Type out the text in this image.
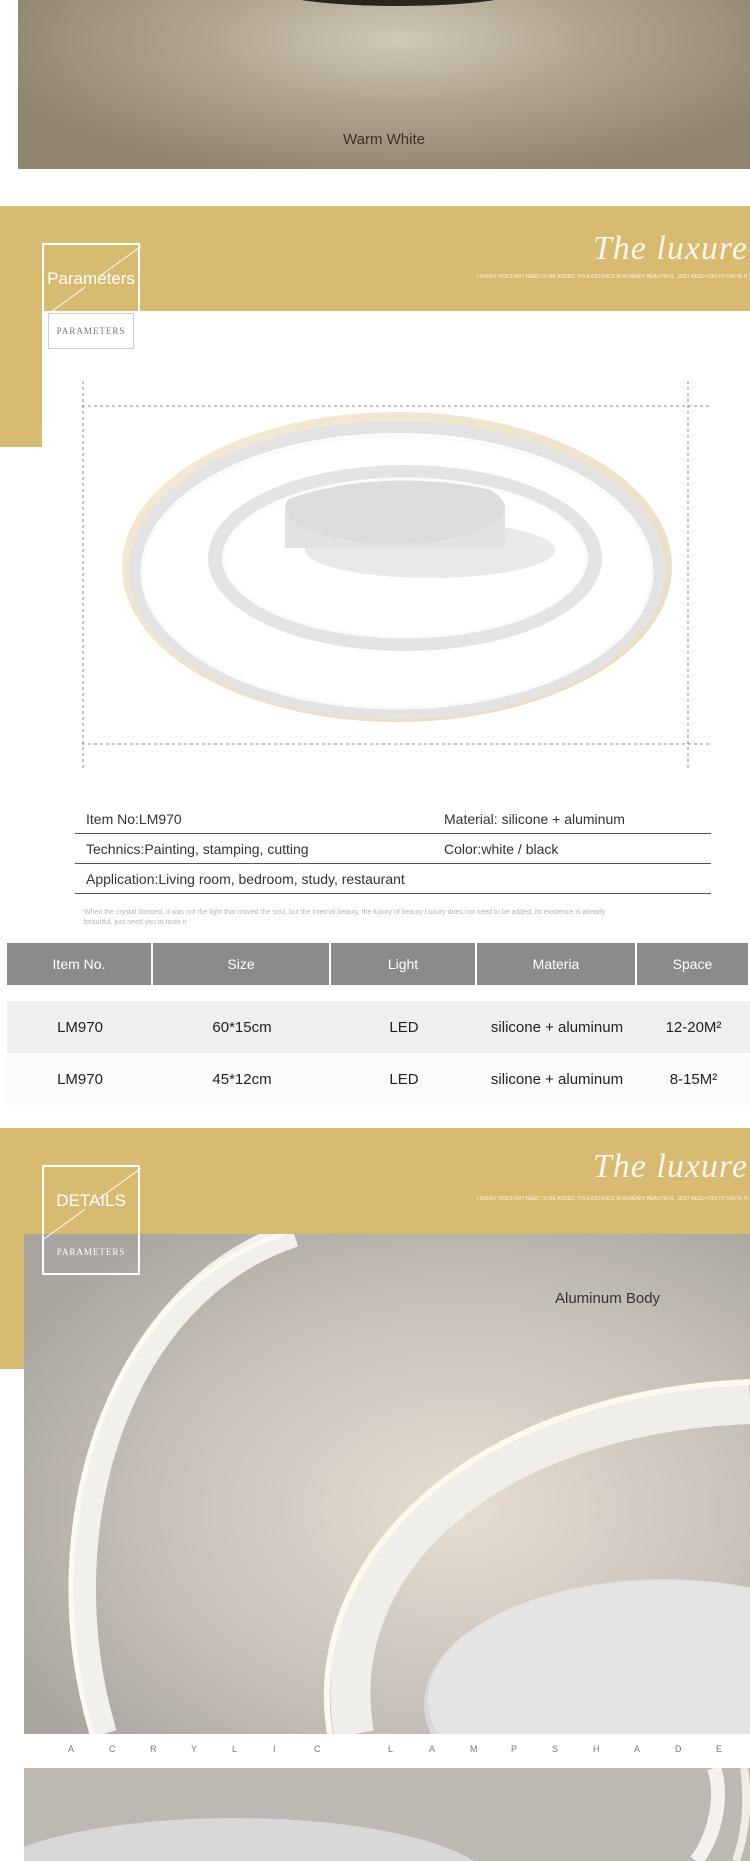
Warm White
The luxure
LUXURY DOES NOT NEED TO BE ADDED, ITS EXISTENCE IS ALREADY BEAUTIFUL, JUST NEED YOU TO TASTE IT
Parameters
PARAMETERS
Item No:LM970	Material: silicone + aluminum
Technics:Painting, stamping, cutting	Color:white / black
Application:Living room, bedroom, study, restaurant
When the crystal blossed, it was not the light that moved the soul, but the internal beauty, the luxury of beauty Luxury does not need to be added, its existence is already beautiful, just need you to taste it
Item No.	Size	Light	Materia	Space

LM970	60*15cm	LED	silicone + aluminum	12-20M²
LM970	45*12cm	LED	silicone + aluminum	8-15M²
The luxure
LUXURY DOES NOT NEED TO BE ADDED, ITS EXISTENCE IS ALREADY BEAUTIFUL, JUST NEED YOU TO TASTE IT
Aluminum Body
DETAILS
PARAMETERS
A	C	R	Y	L	I	C	L	A	M	P	S	H	A	D	E
